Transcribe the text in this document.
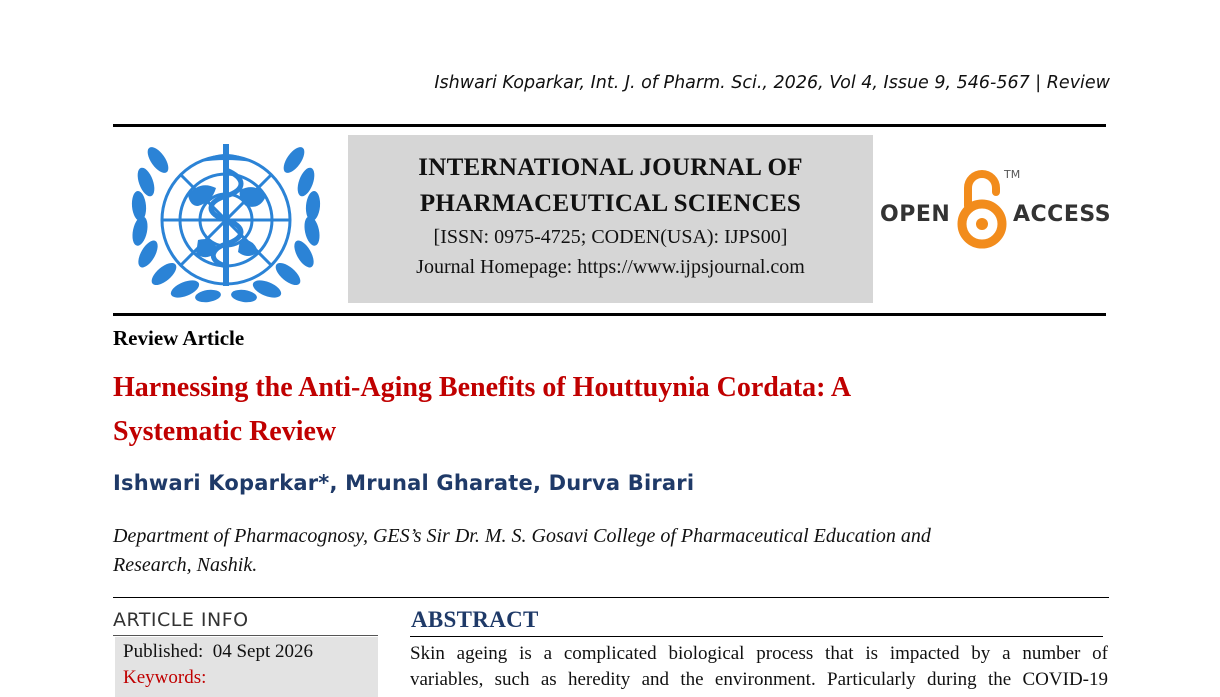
Ishwari Koparkar, Int. J. of Pharm. Sci., 2026, Vol 4, Issue 9, 546-567 | Review
INTERNATIONAL JOURNAL OF
PHARMACEUTICAL SCIENCES
[ISSN: 0975-4725; CODEN(USA): IJPS00]
Journal Homepage: https://www.ijpsjournal.com
OPEN
TM
ACCESS
Review Article
Harnessing the Anti-Aging Benefits of Houttuynia Cordata: A
Systematic Review
Ishwari Koparkar*, Mrunal Gharate, Durva Birari
Department of Pharmacognosy, GES’s Sir Dr. M. S. Gosavi College of Pharmaceutical Education and
Research, Nashik.
ARTICLE INFO
Published: 04 Sept 2026
Keywords:
ABSTRACT
Skin ageing is a complicated biological process that is impacted by a number of
variables, such as heredity and the environment. Particularly during the COVID-19
